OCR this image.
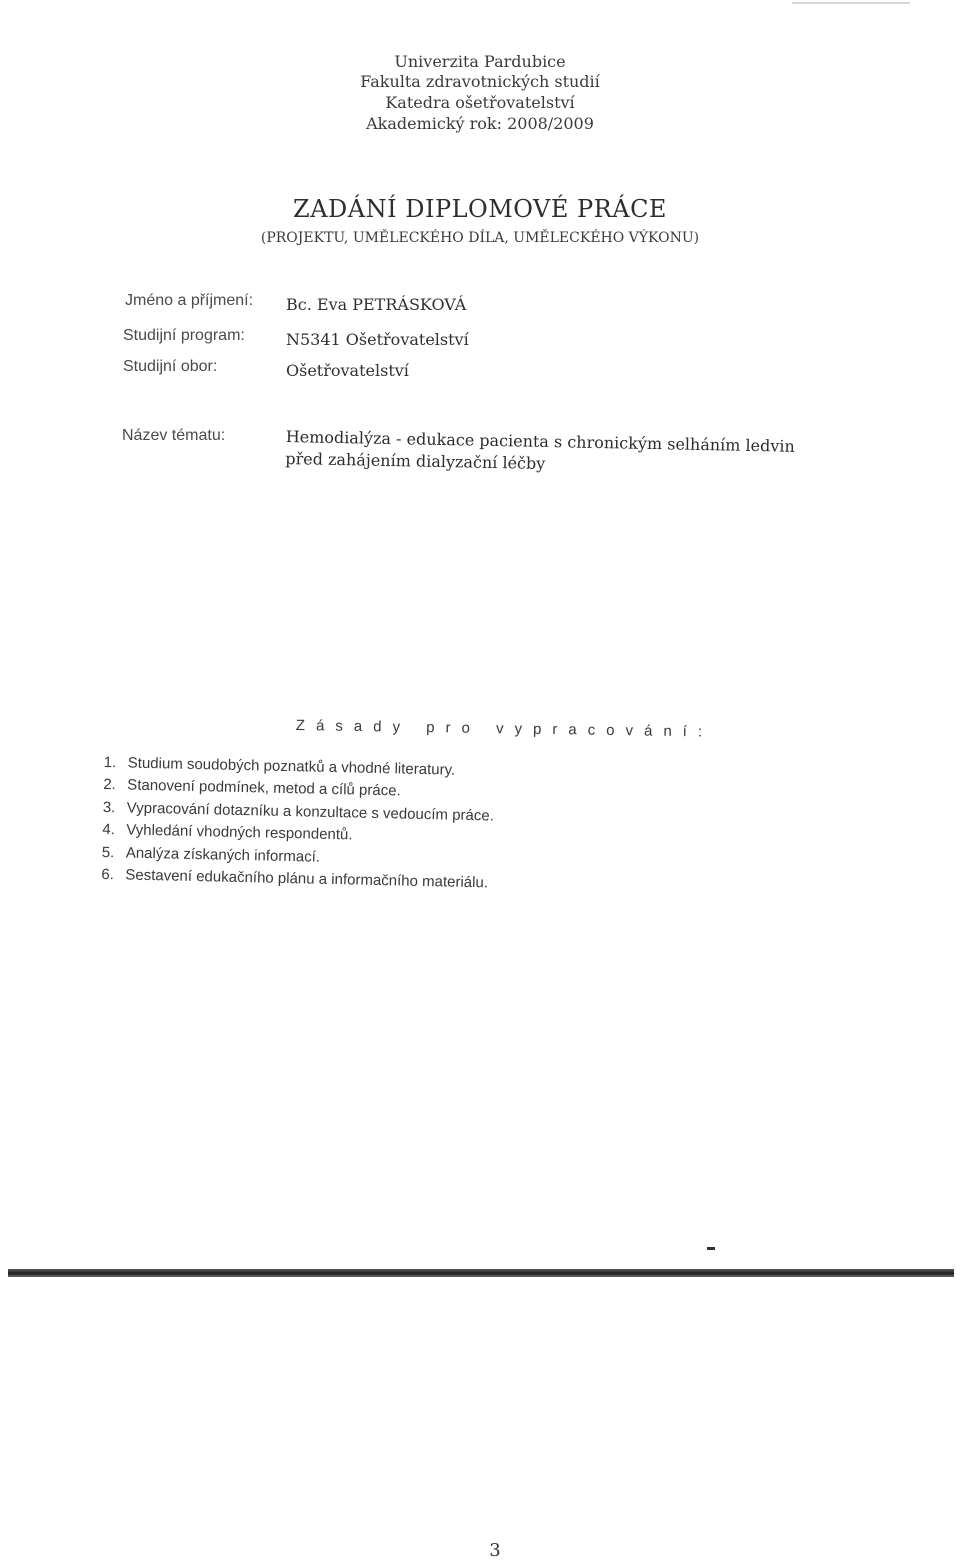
Univerzita Pardubice
Fakulta zdravotnických studií
Katedra ošetřovatelství
Akademický rok: 2008/2009
ZADÁNÍ DIPLOMOVÉ PRÁCE
(PROJEKTU, UMĚLECKÉHO DÍLA, UMĚLECKÉHO VÝKONU)
Jméno a příjmení: Bc. Eva PETRÁSKOVÁ
Studijní program:	N5341 Ošetřovatelství
Studijní obor:	Ošetřovatelství
Název tématu:	Hemodialýza - edukace pacienta s chronickým selháním ledvin před zahájením dialyzační léčby
Zásady pro vypracování:
1. Studium soudobých poznatků a vhodné literatury.
2. Stanovení podmínek, metod a cílů práce.
3. Vypracování dotazníku a konzultace s vedoucím práce.
4. Vyhledání vhodných respondentů.
5. Analýza získaných informací.
6. Sestavení edukačního plánu a informačního materiálu.
3
